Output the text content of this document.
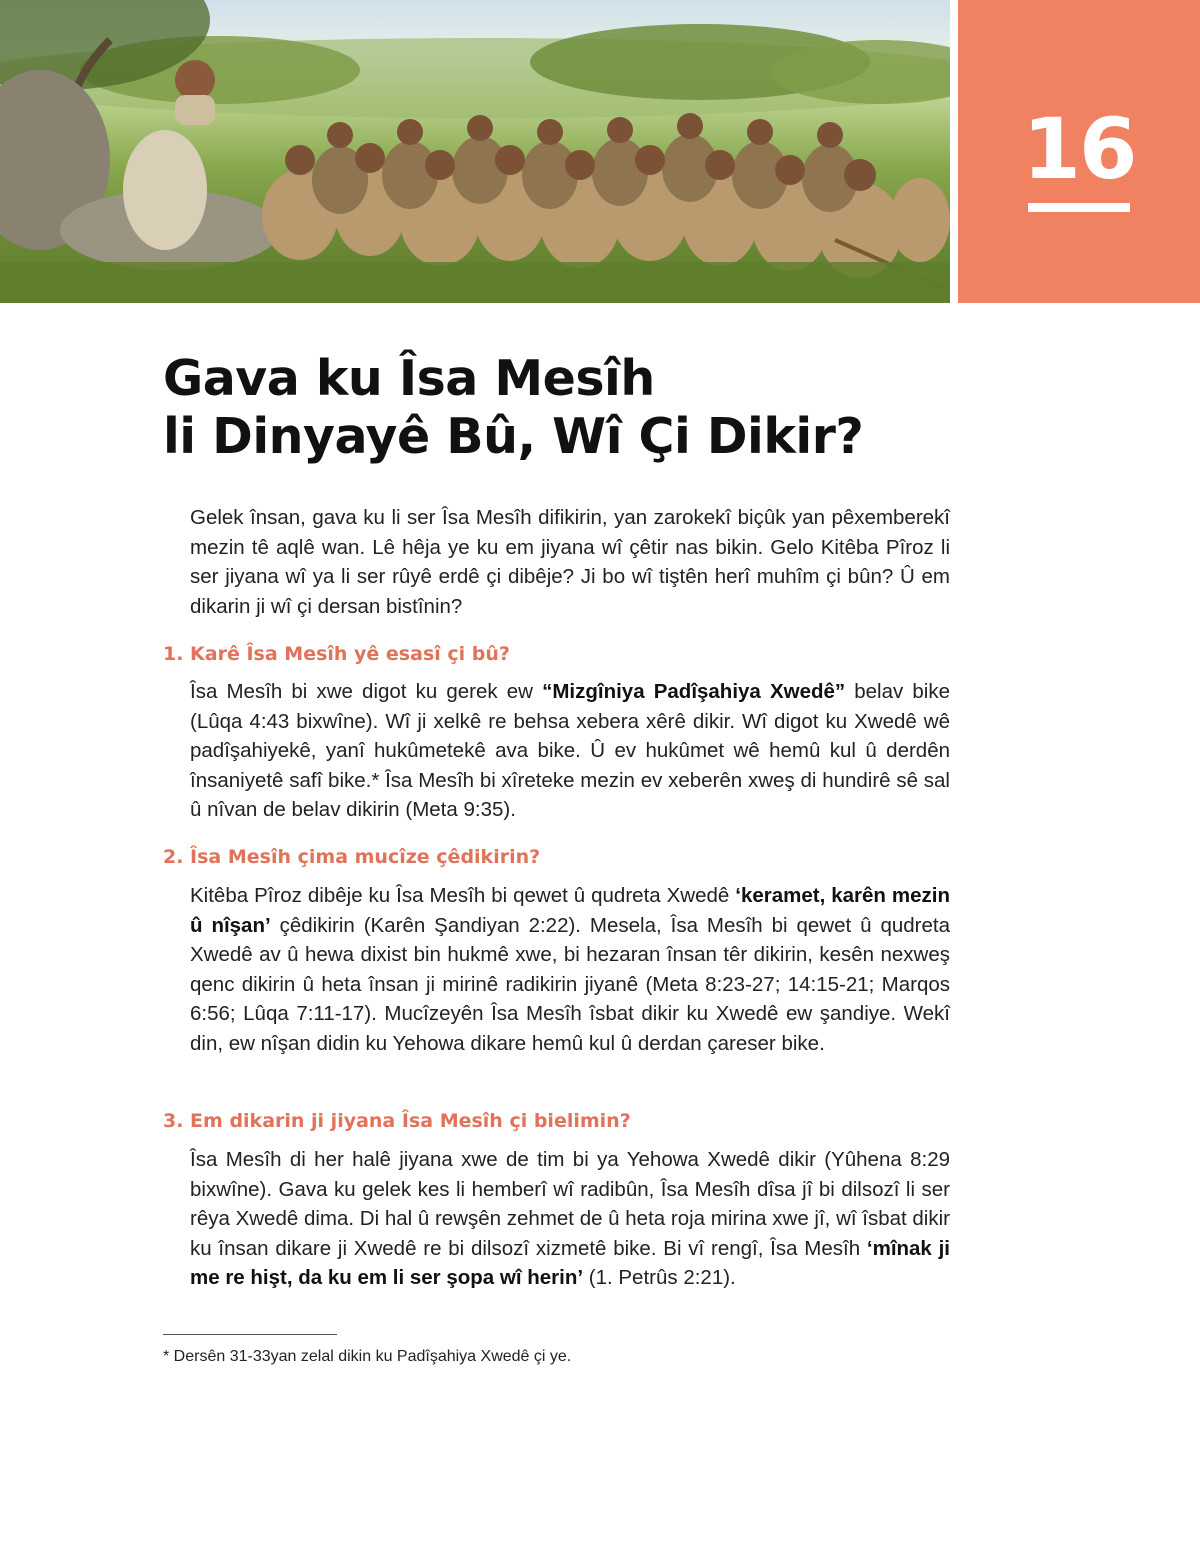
16
Gava ku Îsa Mesîh
li Dinyayê Bû, Wî Çi Dikir?

Gelek însan, gava ku li ser Îsa Mesîh difikirin, yan zarokekî biçûk yan pêxemberekî mezin tê aqlê wan. Lê hêja ye ku em jiyana wî çêtir nas bikin. Gelo Kitêba Pîroz li ser jiyana wî ya li ser rûyê erdê çi dibêje? Ji bo wî tiştên herî muhîm çi bûn? Û em dikarin ji wî çi dersan bistînin?

1. Karê Îsa Mesîh yê esasî çi bû?

Îsa Mesîh bi xwe digot ku gerek ew “Mizgîniya Padîşahiya Xwedê” belav bike (Lûqa 4:43 bixwîne). Wî ji xelkê re behsa xebera xêrê dikir. Wî digot ku Xwedê wê padîşahiyekê, yanî hukûmetekê ava bike. Û ev hukûmet wê hemû kul û derdên însaniyetê safî bike.* Îsa Mesîh bi xîreteke mezin ev xeberên xweş di hundirê sê sal û nîvan de belav dikirin (Meta 9:35).

2. Îsa Mesîh çima mucîze çêdikirin?

Kitêba Pîroz dibêje ku Îsa Mesîh bi qewet û qudreta Xwedê ‘keramet, karên mezin û nîşan’ çêdikirin (Karên Şandiyan 2:22). Mesela, Îsa Mesîh bi qewet û qudreta Xwedê av û hewa dixist bin hukmê xwe, bi hezaran însan têr dikirin, kesên nexweş qenc dikirin û heta însan ji mirinê radikirin jiyanê (Meta 8:23-27; 14:15-21; Marqos 6:56; Lûqa 7:11-17). Mucîzeyên Îsa Mesîh îsbat dikir ku Xwedê ew şandiye. Wekî din, ew nîşan didin ku Yehowa dikare hemû kul û derdan çareser bike.

3. Em dikarin ji jiyana Îsa Mesîh çi bielimin?

Îsa Mesîh di her halê jiyana xwe de tim bi ya Yehowa Xwedê dikir (Yûhena 8:29 bixwîne). Gava ku gelek kes li hemberî wî radibûn, Îsa Mesîh dîsa jî bi dilsozî li ser rêya Xwedê dima. Di hal û rewşên zehmet de û heta roja mirina xwe jî, wî îsbat dikir ku însan dikare ji Xwedê re bi dilsozî xizmetê bike. Bi vî rengî, Îsa Mesîh ‘mînak ji me re hişt, da ku em li ser şopa wî herin’ (1. Petrûs 2:21).

* Dersên 31-33yan zelal dikin ku Padîşahiya Xwedê çi ye.
